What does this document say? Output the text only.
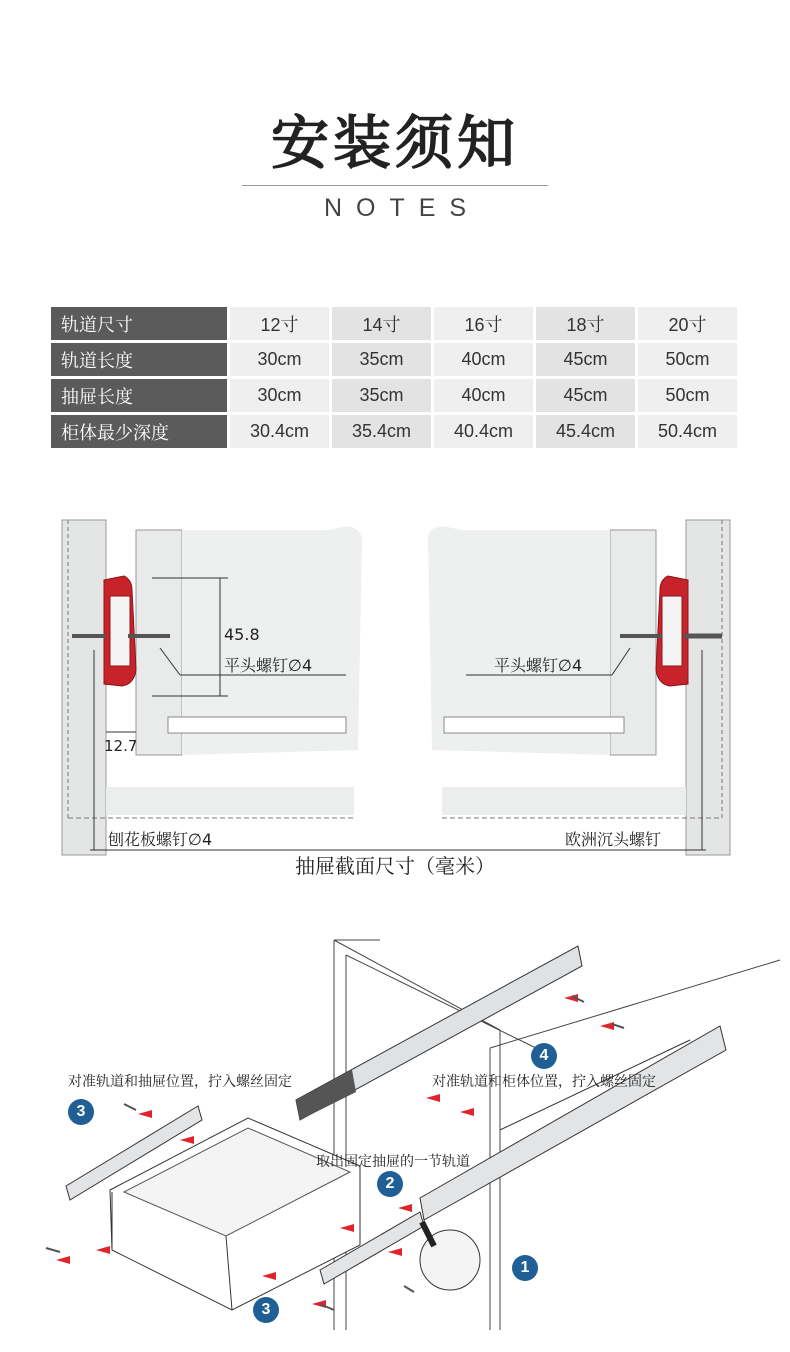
安装须知
NOTES
轨道尺寸	12寸	14寸	16寸	18寸	20寸
轨道长度	30cm	35cm	40cm	45cm	50cm
抽屉长度	30cm	35cm	40cm	45cm	50cm
柜体最少深度	30.4cm	35.4cm	40.4cm	45.4cm	50.4cm
45.8
12.7
平头螺钉∅4	平头螺钉∅4
刨花板螺钉∅4	欧洲沉头螺钉
抽屉截面尺寸（毫米）
对准轨道和抽屉位置，拧入螺丝固定	对准轨道和柜体位置，拧入螺丝固定
取出固定抽屉的一节轨道
1
2
3
3
4
